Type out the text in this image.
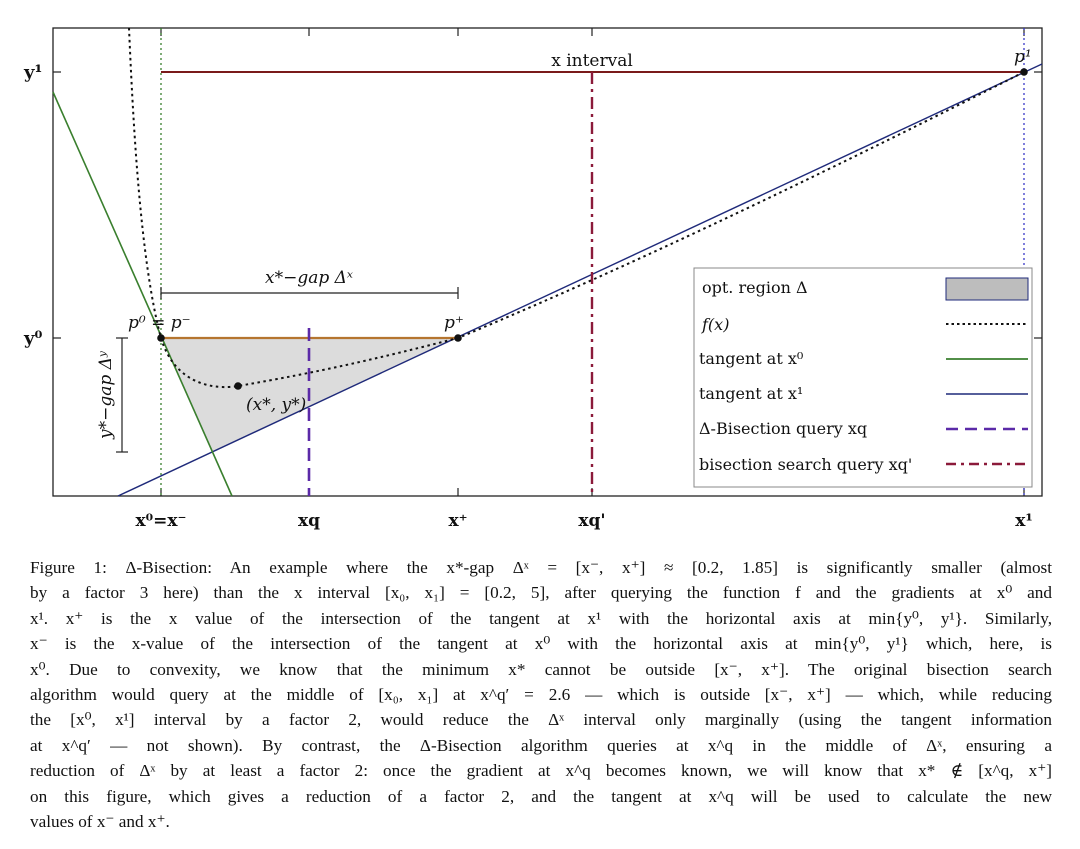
x interval	p¹
p⁰ = p⁻	p⁺
x*−gap Δˣ
(x*, y*)
y*−gap Δʸ
y¹
y⁰
x⁰=x⁻	xq	x⁺	xq'	x¹
opt. region Δ
f(x)
tangent at x⁰
tangent at x¹
Δ-Bisection query xq
bisection search query xq'
Figure 1: Δ-Bisection: An example where the x*-gap Δˣ = [x⁻, x⁺] ≈ [0.2, 1.85] is significantly smaller (almost
by a factor 3 here) than the x interval [x₀, x₁] = [0.2, 5], after querying the function f and the gradients at x⁰ and
x¹. x⁺ is the x value of the intersection of the tangent at x¹ with the horizontal axis at min{y⁰, y¹}. Similarly,
x⁻ is the x-value of the intersection of the tangent at x⁰ with the horizontal axis at min{y⁰, y¹} which, here, is
x⁰. Due to convexity, we know that the minimum x* cannot be outside [x⁻, x⁺]. The original bisection search
algorithm would query at the middle of [x₀, x₁] at x^q′ = 2.6 — which is outside [x⁻, x⁺] — which, while reducing
the [x⁰, x¹] interval by a factor 2, would reduce the Δˣ interval only marginally (using the tangent information
at x^q′ — not shown). By contrast, the Δ-Bisection algorithm queries at x^q in the middle of Δˣ, ensuring a
reduction of Δˣ by at least a factor 2: once the gradient at x^q becomes known, we will know that x* ∉ [x^q, x⁺]
on this figure, which gives a reduction of a factor 2, and the tangent at x^q will be used to calculate the new
values of x⁻ and x⁺.
